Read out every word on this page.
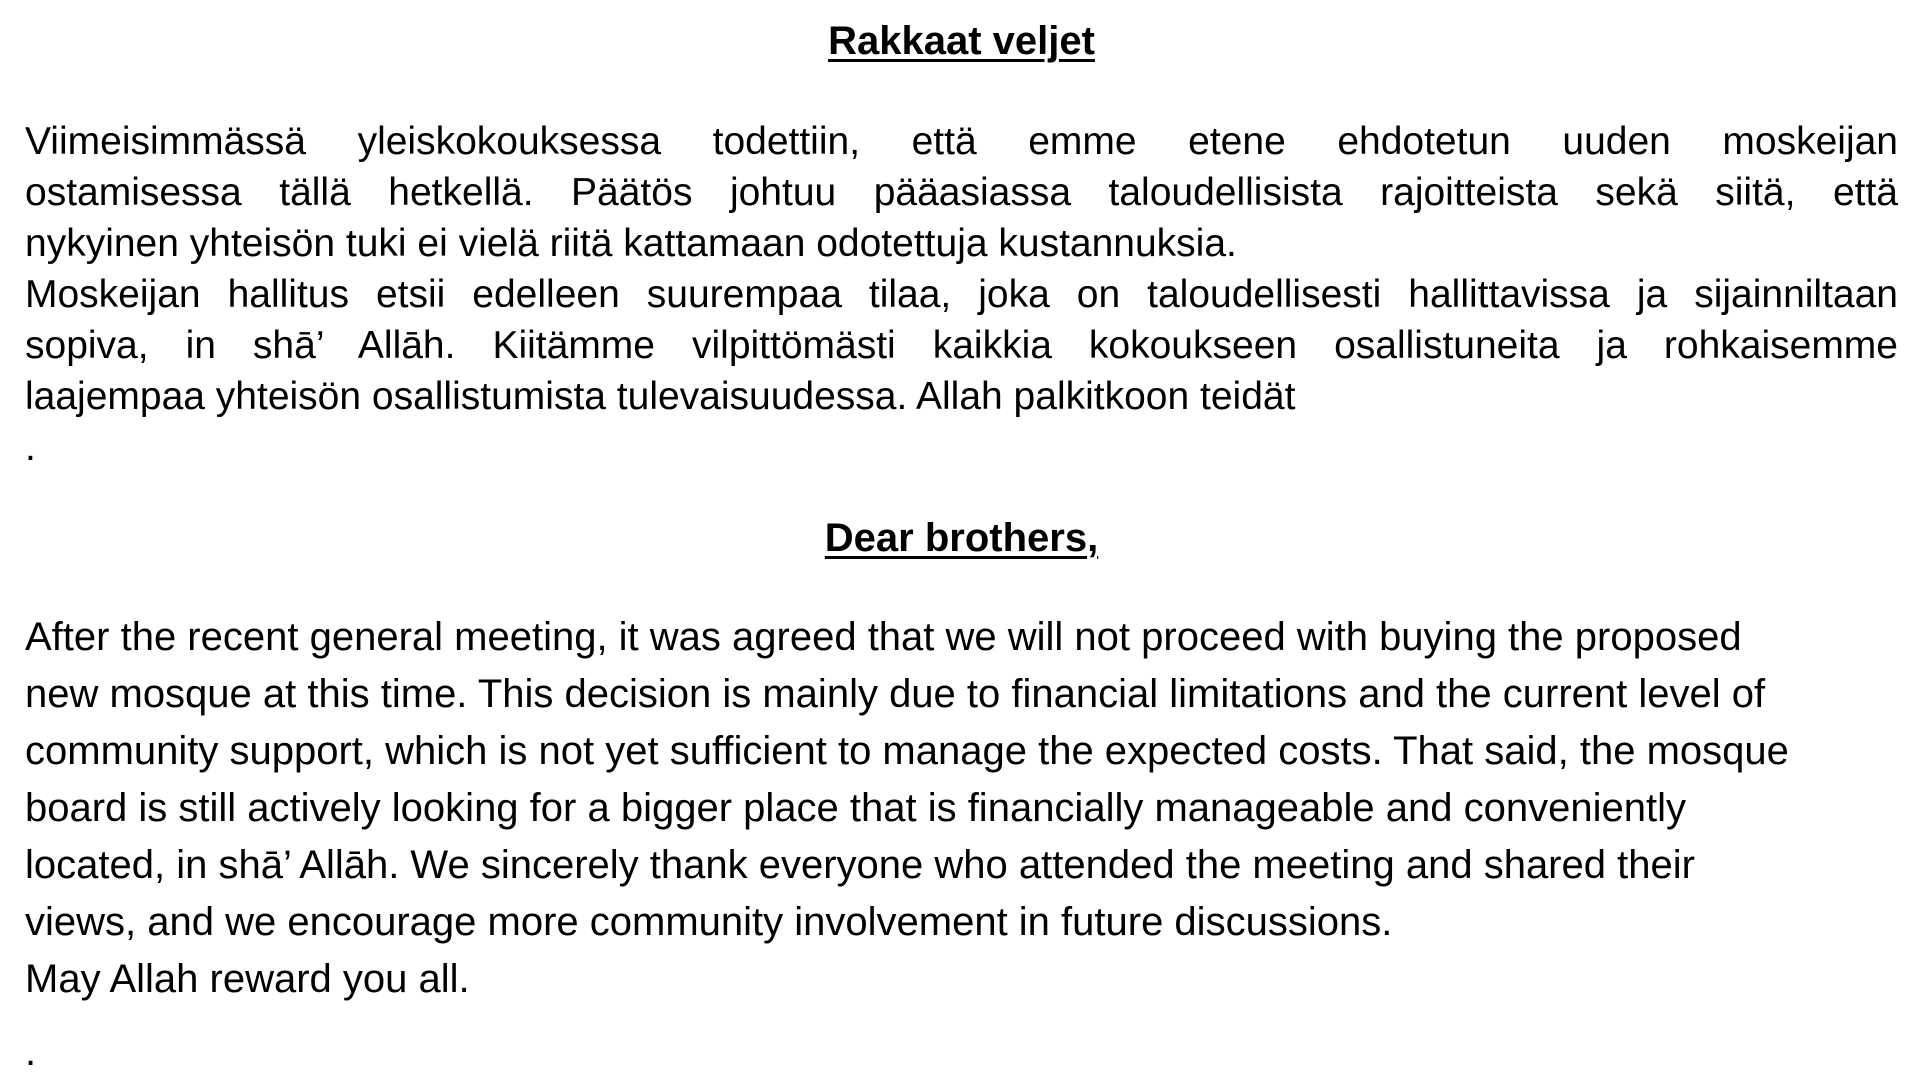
Rakkaat veljet
Viimeisimmässä yleiskokouksessa todettiin, että emme etene ehdotetun uuden moskeijan
ostamisessa tällä hetkellä. Päätös johtuu pääasiassa taloudellisista rajoitteista sekä siitä, että
nykyinen yhteisön tuki ei vielä riitä kattamaan odotettuja kustannuksia.
Moskeijan hallitus etsii edelleen suurempaa tilaa, joka on taloudellisesti hallittavissa ja sijainniltaan
sopiva, in shā’ Allāh. Kiitämme vilpittömästi kaikkia kokoukseen osallistuneita ja rohkaisemme
laajempaa yhteisön osallistumista tulevaisuudessa. Allah palkitkoon teidät
.
Dear brothers,
After the recent general meeting, it was agreed that we will not proceed with buying the proposed
new mosque at this time. This decision is mainly due to financial limitations and the current level of
community support, which is not yet sufficient to manage the expected costs. That said, the mosque
board is still actively looking for a bigger place that is financially manageable and conveniently
located, in shā’ Allāh. We sincerely thank everyone who attended the meeting and shared their
views, and we encourage more community involvement in future discussions.
May Allah reward you all.
.
